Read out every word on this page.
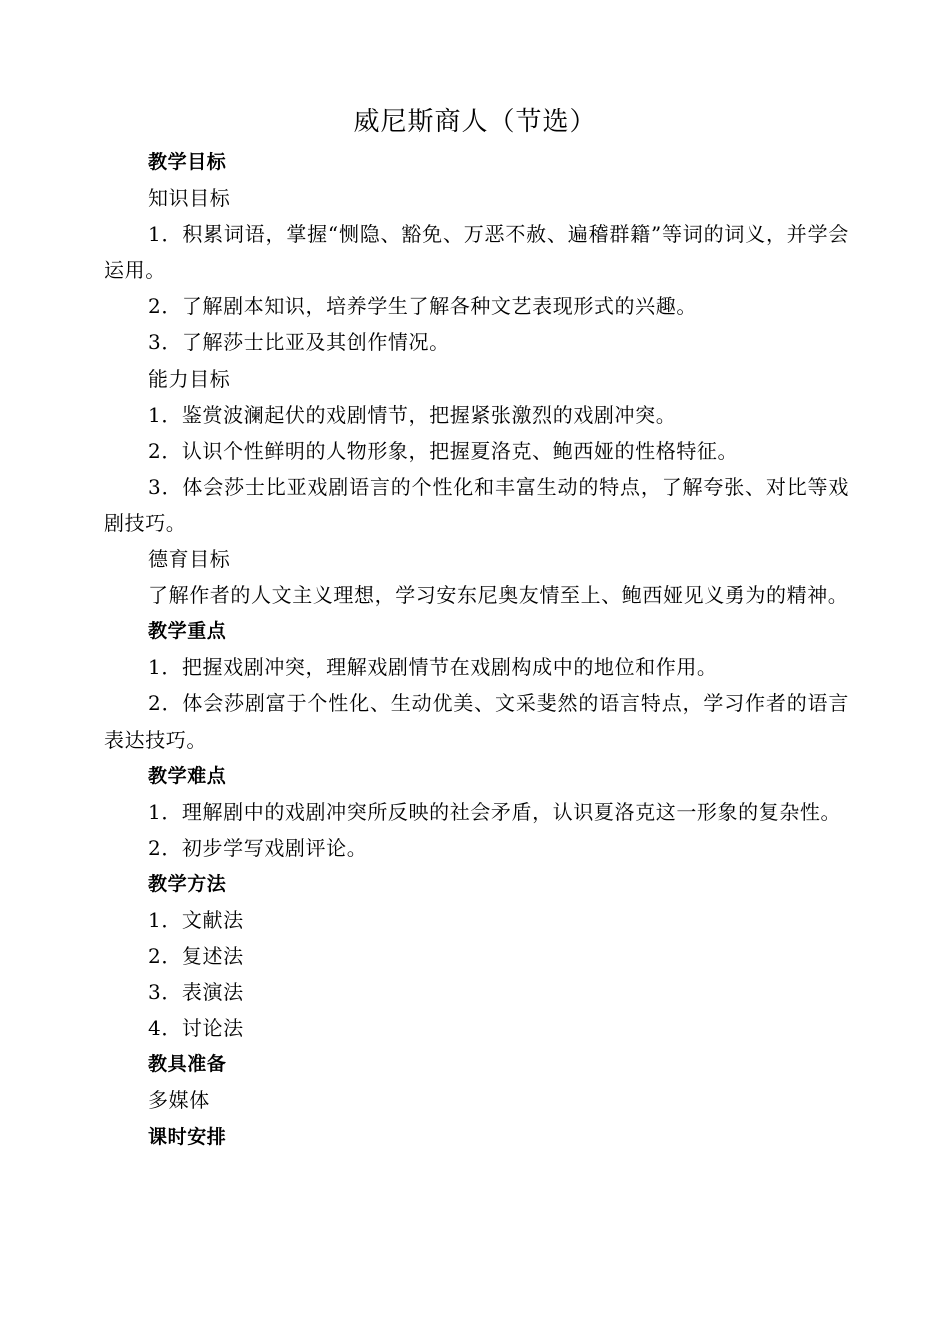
威尼斯商人（节选）

教学目标

知识目标

1．积累词语，掌握“恻隐、豁免、万恶不赦、遍稽群籍”等词的词义，并学会运用。

2．了解剧本知识，培养学生了解各种文艺表现形式的兴趣。

3．了解莎士比亚及其创作情况。

能力目标

1．鉴赏波澜起伏的戏剧情节，把握紧张激烈的戏剧冲突。

2．认识个性鲜明的人物形象，把握夏洛克、鲍西娅的性格特征。

3．体会莎士比亚戏剧语言的个性化和丰富生动的特点，了解夸张、对比等戏剧技巧。

德育目标

了解作者的人文主义理想，学习安东尼奥友情至上、鲍西娅见义勇为的精神。

教学重点

1．把握戏剧冲突，理解戏剧情节在戏剧构成中的地位和作用。

2．体会莎剧富于个性化、生动优美、文采斐然的语言特点，学习作者的语言表达技巧。

教学难点

1．理解剧中的戏剧冲突所反映的社会矛盾，认识夏洛克这一形象的复杂性。

2．初步学写戏剧评论。

教学方法

1．文献法

2．复述法

3．表演法

4．讨论法

教具准备

多媒体

课时安排
